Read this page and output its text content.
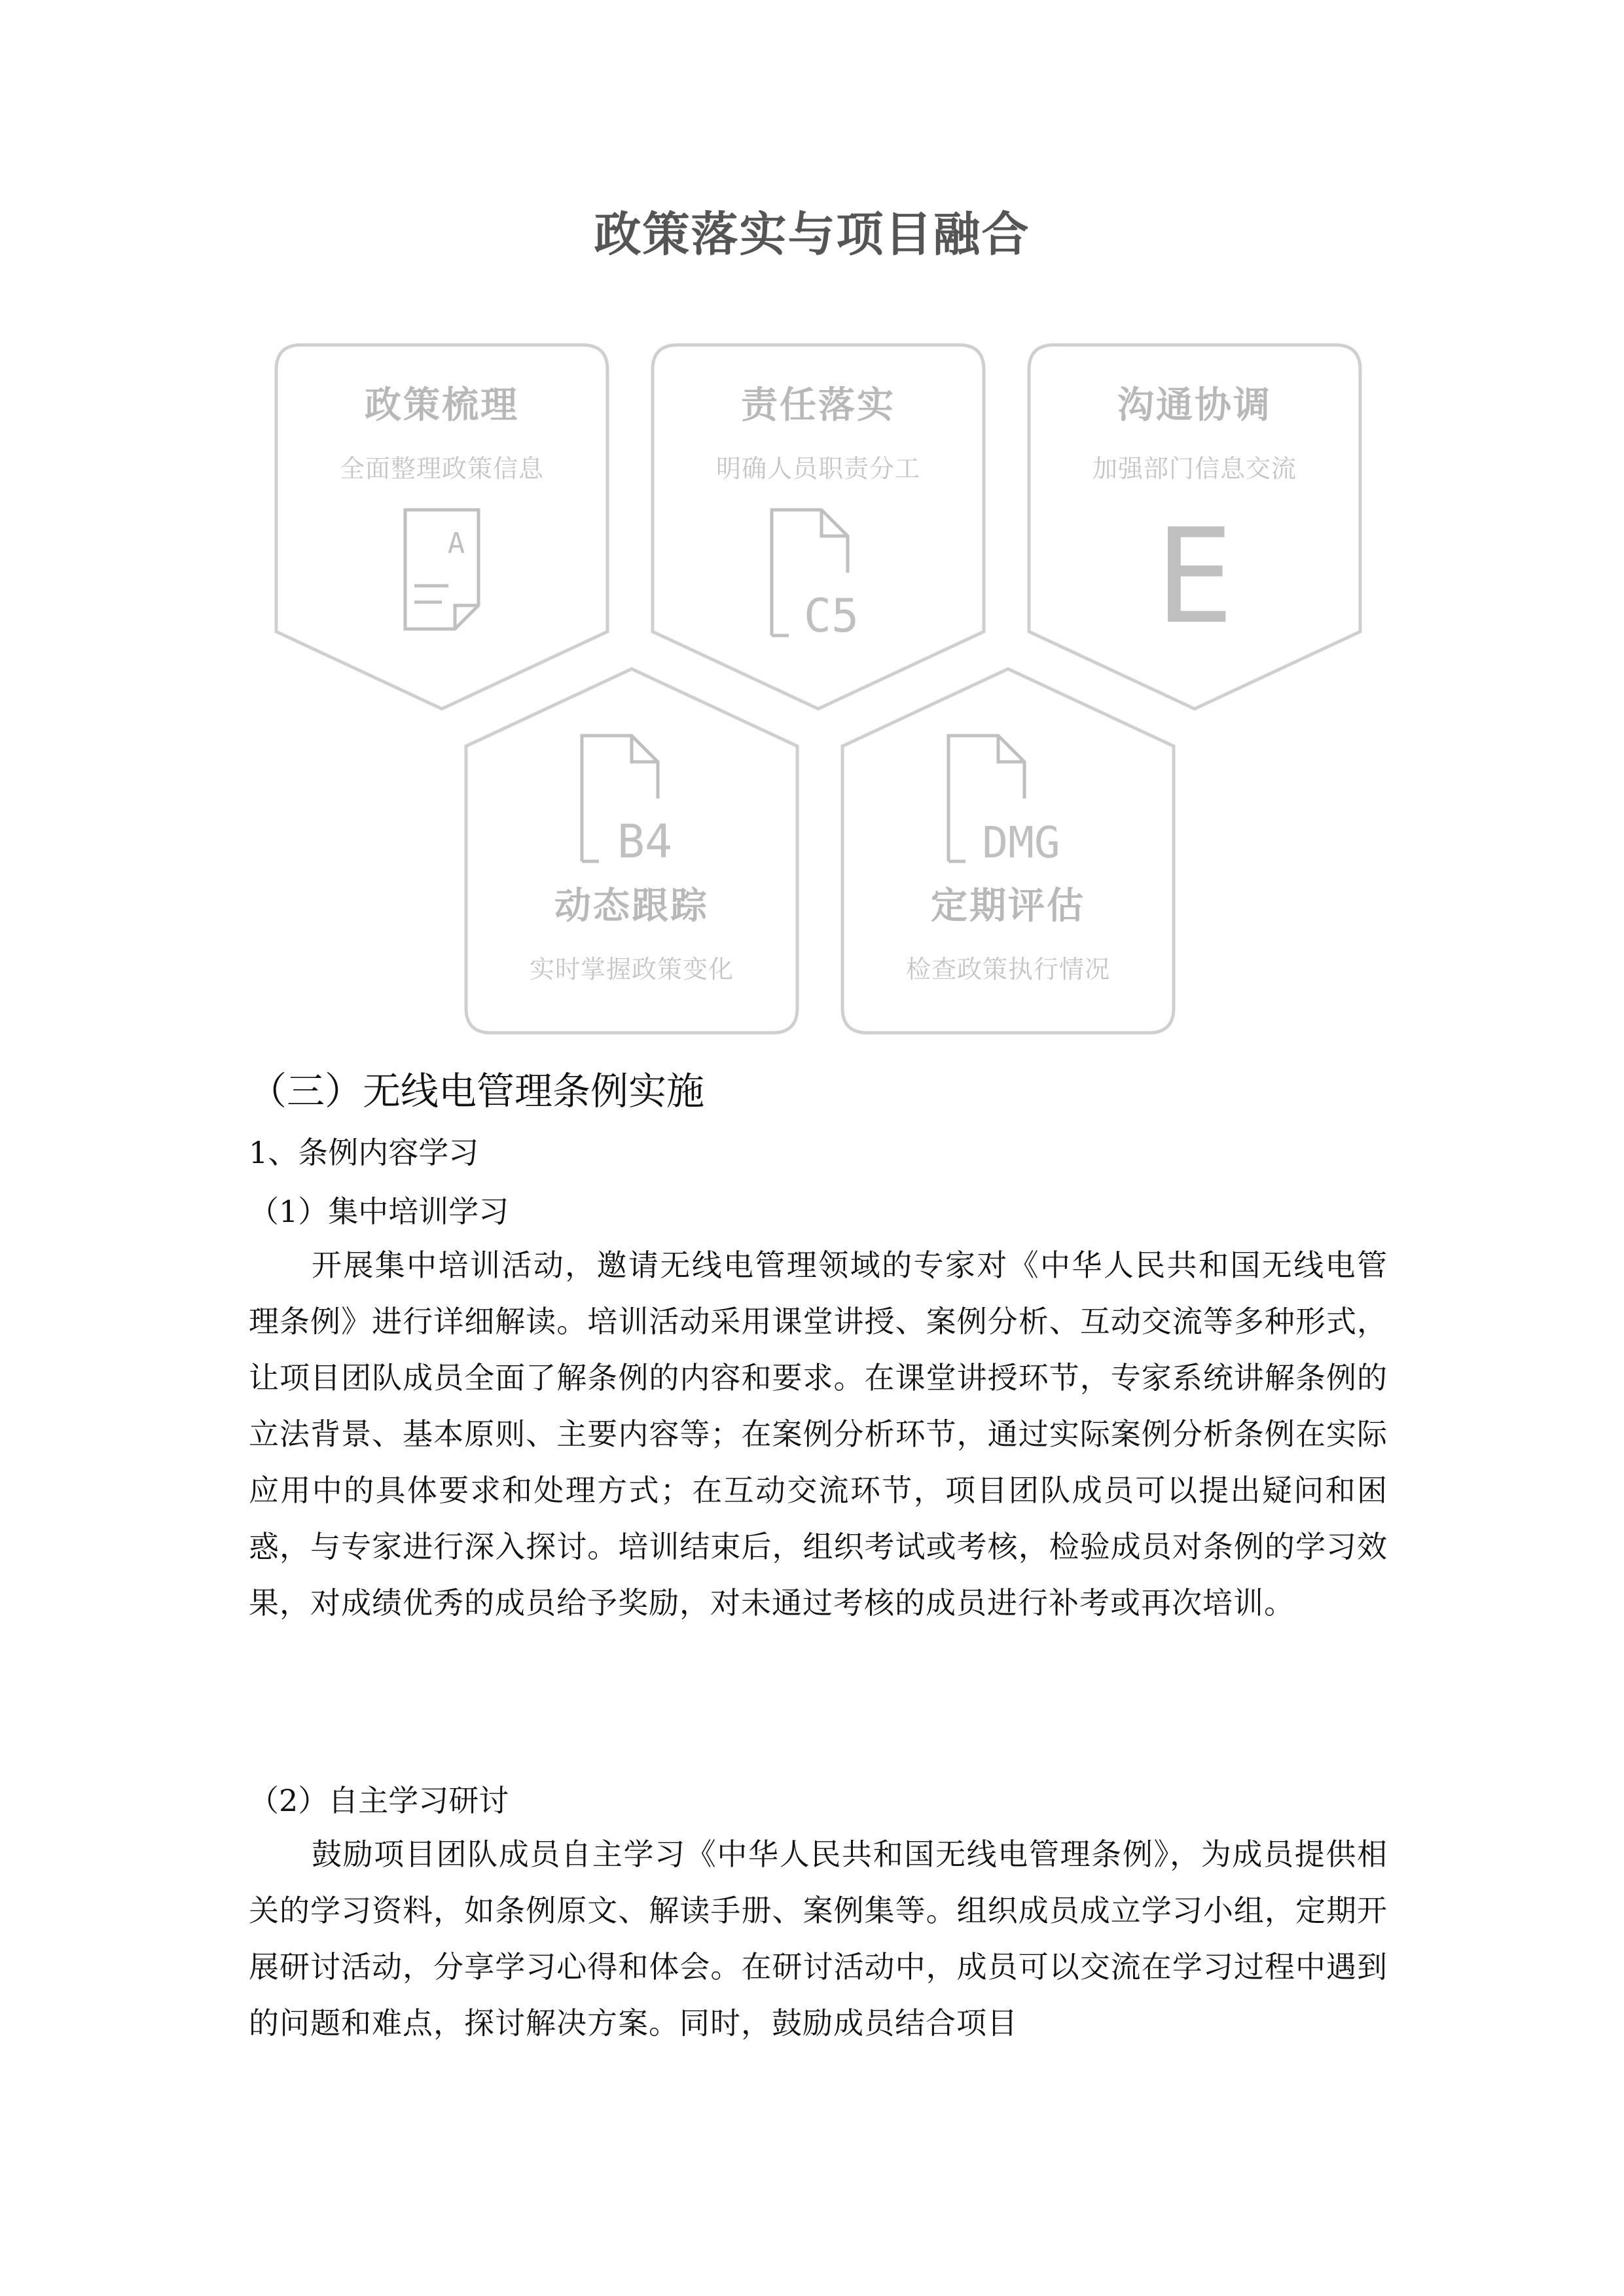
政策落实与项目融合
政策梳理
全面整理政策信息
A
责任落实
明确人员职责分工
C5
沟通协调
加强部门信息交流
E
B4
动态跟踪
实时掌握政策变化
DMG
定期评估
检查政策执行情况
（三）无线电管理条例实施
1、条例内容学习
（1）集中培训学习
开展集中培训活动，邀请无线电管理领域的专家对《中华人民共和国无线电管理条例》进行详细解读。培训活动采用课堂讲授、案例分析、互动交流等多种形式，让项目团队成员全面了解条例的内容和要求。在课堂讲授环节，专家系统讲解条例的立法背景、基本原则、主要内容等；在案例分析环节，通过实际案例分析条例在实际应用中的具体要求和处理方式；在互动交流环节，项目团队成员可以提出疑问和困惑，与专家进行深入探讨。培训结束后，组织考试或考核，检验成员对条例的学习效果，对成绩优秀的成员给予奖励，对未通过考核的成员进行补考或再次培训。
（2）自主学习研讨
鼓励项目团队成员自主学习《中华人民共和国无线电管理条例》，为成员提供相关的学习资料，如条例原文、解读手册、案例集等。组织成员成立学习小组，定期开展研讨活动，分享学习心得和体会。在研讨活动中，成员可以交流在学习过程中遇到的问题和难点，探讨解决方案。同时，鼓励成员结合项目
